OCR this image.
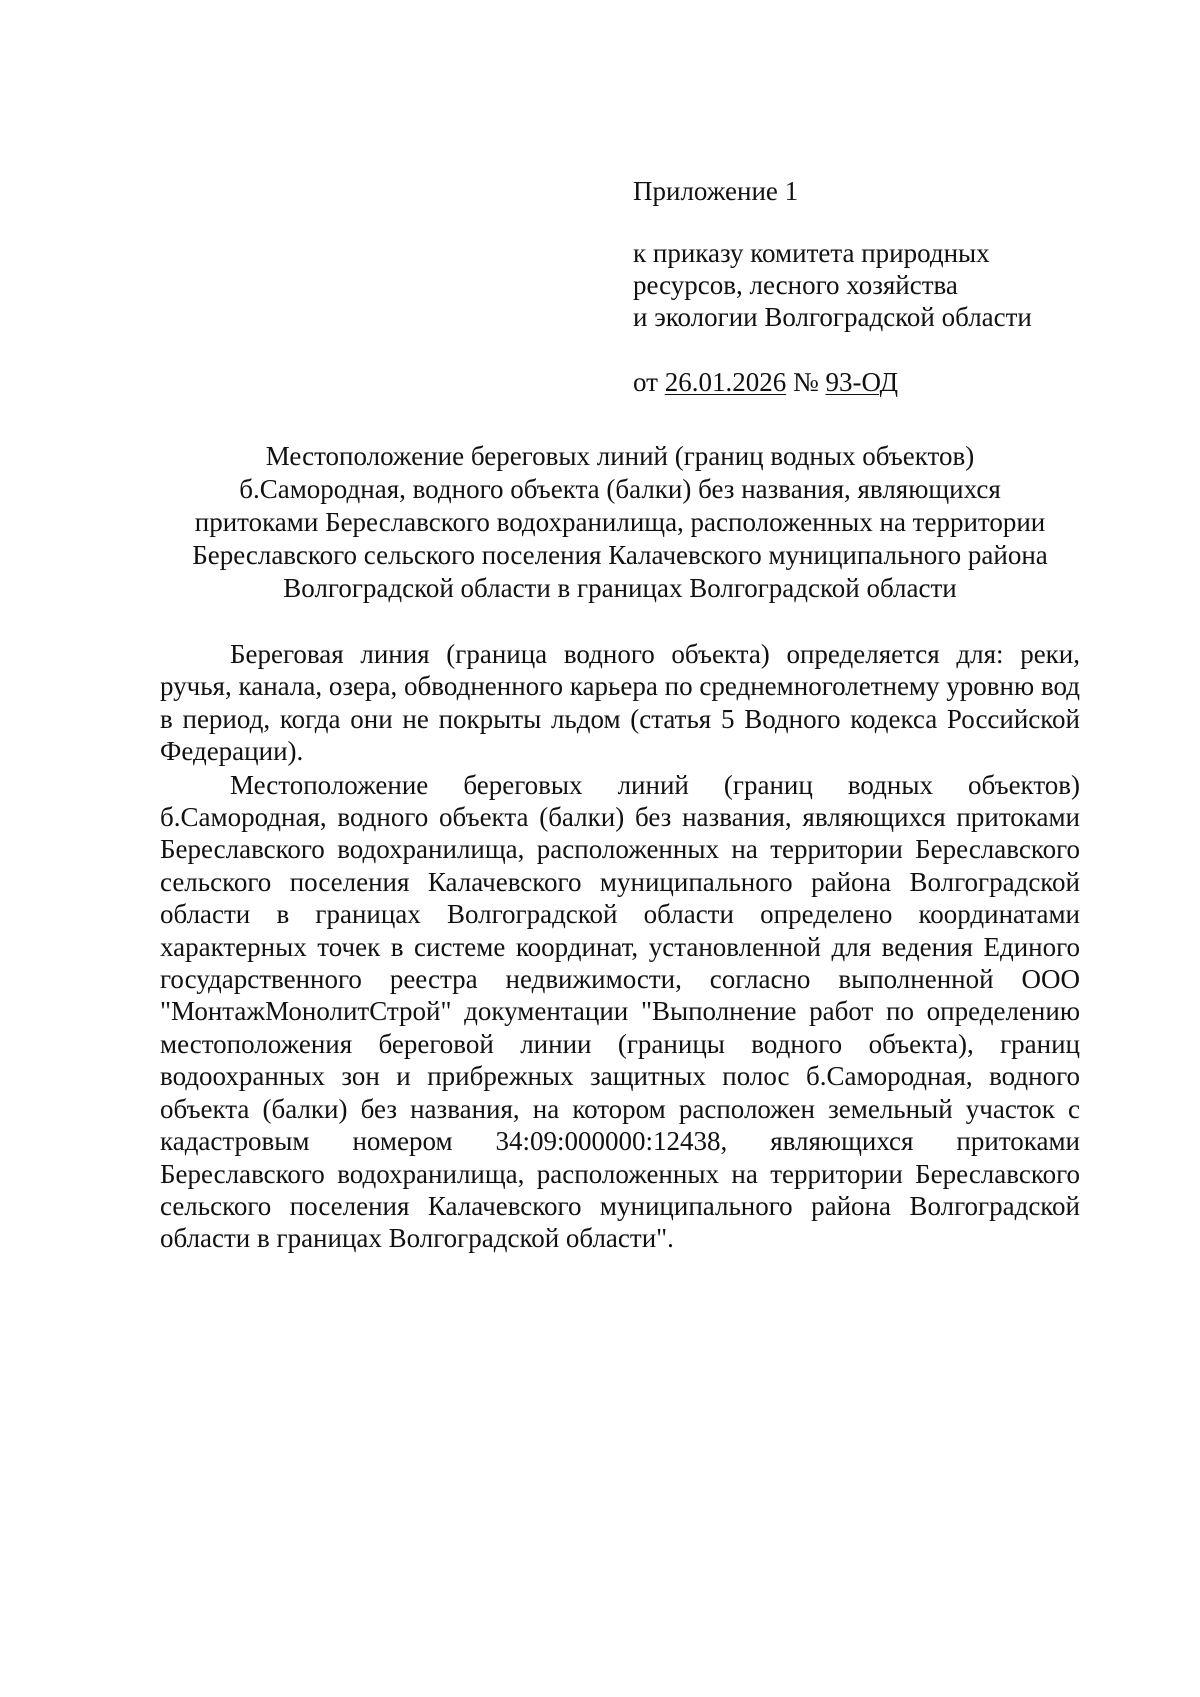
Приложение 1
к приказу комитета природных
ресурсов, лесного хозяйства
и экологии Волгоградской области
от 26.01.2026 № 93-ОД
Местоположение береговых линий (границ водных объектов)
б.Самородная, водного объекта (балки) без названия, являющихся
притоками Береславского водохранилища, расположенных на территории
Береславского сельского поселения Калачевского муниципального района
Волгоградской области в границах Волгоградской области

Береговая линия (граница водного объекта) определяется для: реки, ручья, канала, озера, обводненного карьера по среднемноголетнему уровню вод в период, когда они не покрыты льдом (статья 5 Водного кодекса Российской Федерации).

Местоположение береговых линий (границ водных объектов) б.Самородная, водного объекта (балки) без названия, являющихся притоками Береславского водохранилища, расположенных на территории Береславского сельского поселения Калачевского муниципального района Волгоградской области в границах Волгоградской области определено координатами характерных точек в системе координат, установленной для ведения Единого государственного реестра недвижимости, согласно выполненной ООО "МонтажМонолитСтрой" документации "Выполнение работ по определению местоположения береговой линии (границы водного объекта), границ водоохранных зон и прибрежных защитных полос б.Самородная, водного объекта (балки) без названия, на котором расположен земельный участок с кадастровым номером 34:09:000000:12438, являющихся притоками Береславского водохранилища, расположенных на территории Береславского сельского поселения Калачевского муниципального района Волгоградской области в границах Волгоградской области".
